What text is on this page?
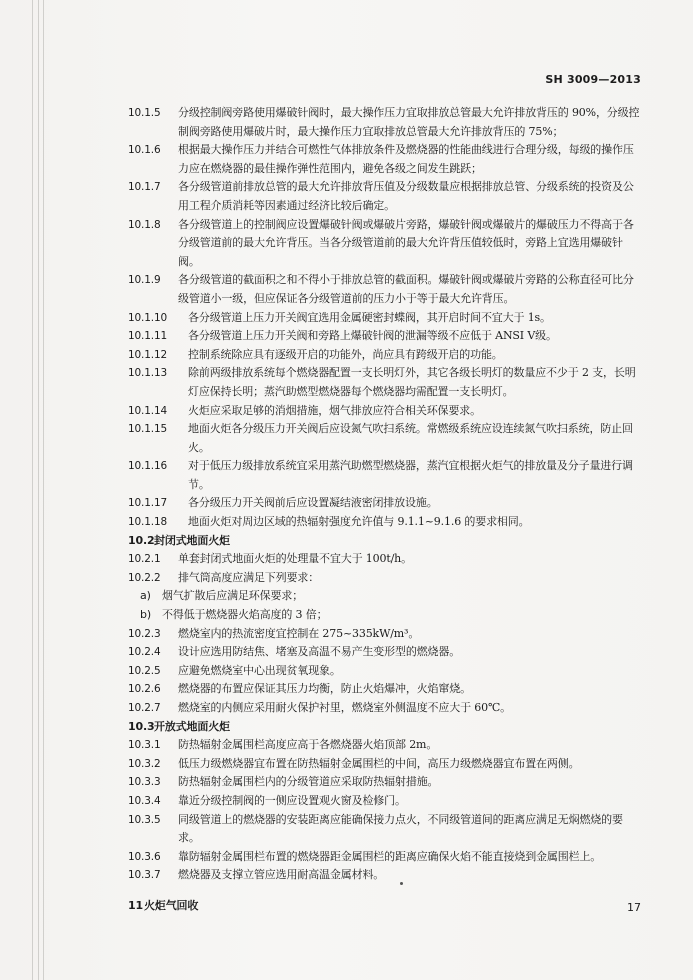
SH 3009—2013

10.1.5 分级控制阀旁路使用爆破针阀时，最大操作压力宜取排放总管最大允许排放背压的 90%，分级控制阀旁路使用爆破片时，最大操作压力宜取排放总管最大允许排放背压的 75%；

10.1.6 根据最大操作压力并结合可燃性气体排放条件及燃烧器的性能曲线进行合理分级，每级的操作压力应在燃烧器的最佳操作弹性范围内，避免各级之间发生跳跃；

10.1.7 各分级管道前排放总管的最大允许排放背压值及分级数量应根据排放总管、分级系统的投资及公用工程介质消耗等因素通过经济比较后确定。

10.1.8 各分级管道上的控制阀应设置爆破针阀或爆破片旁路，爆破针阀或爆破片的爆破压力不得高于各分级管道前的最大允许背压。当各分级管道前的最大允许背压值较低时，旁路上宜选用爆破针阀。

10.1.9 各分级管道的截面积之和不得小于排放总管的截面积。爆破针阀或爆破片旁路的公称直径可比分级管道小一级，但应保证各分级管道前的压力小于等于最大允许背压。

10.1.10 各分级管道上压力开关阀宜选用金属硬密封蝶阀，其开启时间不宜大于 1s。

10.1.11 各分级管道上压力开关阀和旁路上爆破针阀的泄漏等级不应低于 ANSI Ⅴ级。

10.1.12 控制系统除应具有逐级开启的功能外，尚应具有跨级开启的功能。

10.1.13 除前两级排放系统每个燃烧器配置一支长明灯外，其它各级长明灯的数量应不少于 2 支，长明灯应保持长明；蒸汽助燃型燃烧器每个燃烧器均需配置一支长明灯。

10.1.14 火炬应采取足够的消烟措施，烟气排放应符合相关环保要求。

10.1.15 地面火炬各分级压力开关阀后应设氮气吹扫系统。常燃级系统应设连续氮气吹扫系统，防止回火。

10.1.16 对于低压力级排放系统宜采用蒸汽助燃型燃烧器，蒸汽宜根据火炬气的排放量及分子量进行调节。

10.1.17 各分级压力开关阀前后应设置凝结液密闭排放设施。

10.1.18 地面火炬对周边区域的热辐射强度允许值与 9.1.1~9.1.6 的要求相同。

10.2封闭式地面火炬

10.2.1 单套封闭式地面火炬的处理量不宜大于 100t/h。

10.2.2 排气筒高度应满足下列要求：

a) 烟气扩散后应满足环保要求；

b) 不得低于燃烧器火焰高度的 3 倍；

10.2.3 燃烧室内的热流密度宜控制在 275~335kW/m³。

10.2.4 设计应选用防结焦、堵塞及高温不易产生变形型的燃烧器。

10.2.5 应避免燃烧室中心出现贫氧现象。

10.2.6 燃烧器的布置应保证其压力均衡，防止火焰爆冲，火焰窜烧。

10.2.7 燃烧室的内侧应采用耐火保护衬里，燃烧室外侧温度不应大于 60℃。

10.3开放式地面火炬

10.3.1 防热辐射金属围栏高度应高于各燃烧器火焰顶部 2m。

10.3.2 低压力级燃烧器宜布置在防热辐射金属围栏的中间，高压力级燃烧器宜布置在两侧。

10.3.3 防热辐射金属围栏内的分级管道应采取防热辐射措施。

10.3.4 靠近分级控制阀的一侧应设置观火窗及检修门。

10.3.5 同级管道上的燃烧器的安装距离应能确保接力点火，不同级管道间的距离应满足无焖燃烧的要求。

10.3.6 靠防辐射金属围栏布置的燃烧器距金属围栏的距离应确保火焰不能直接烧到金属围栏上。

10.3.7 燃烧器及支撑立管应选用耐高温金属材料。

11火炬气回收	17
